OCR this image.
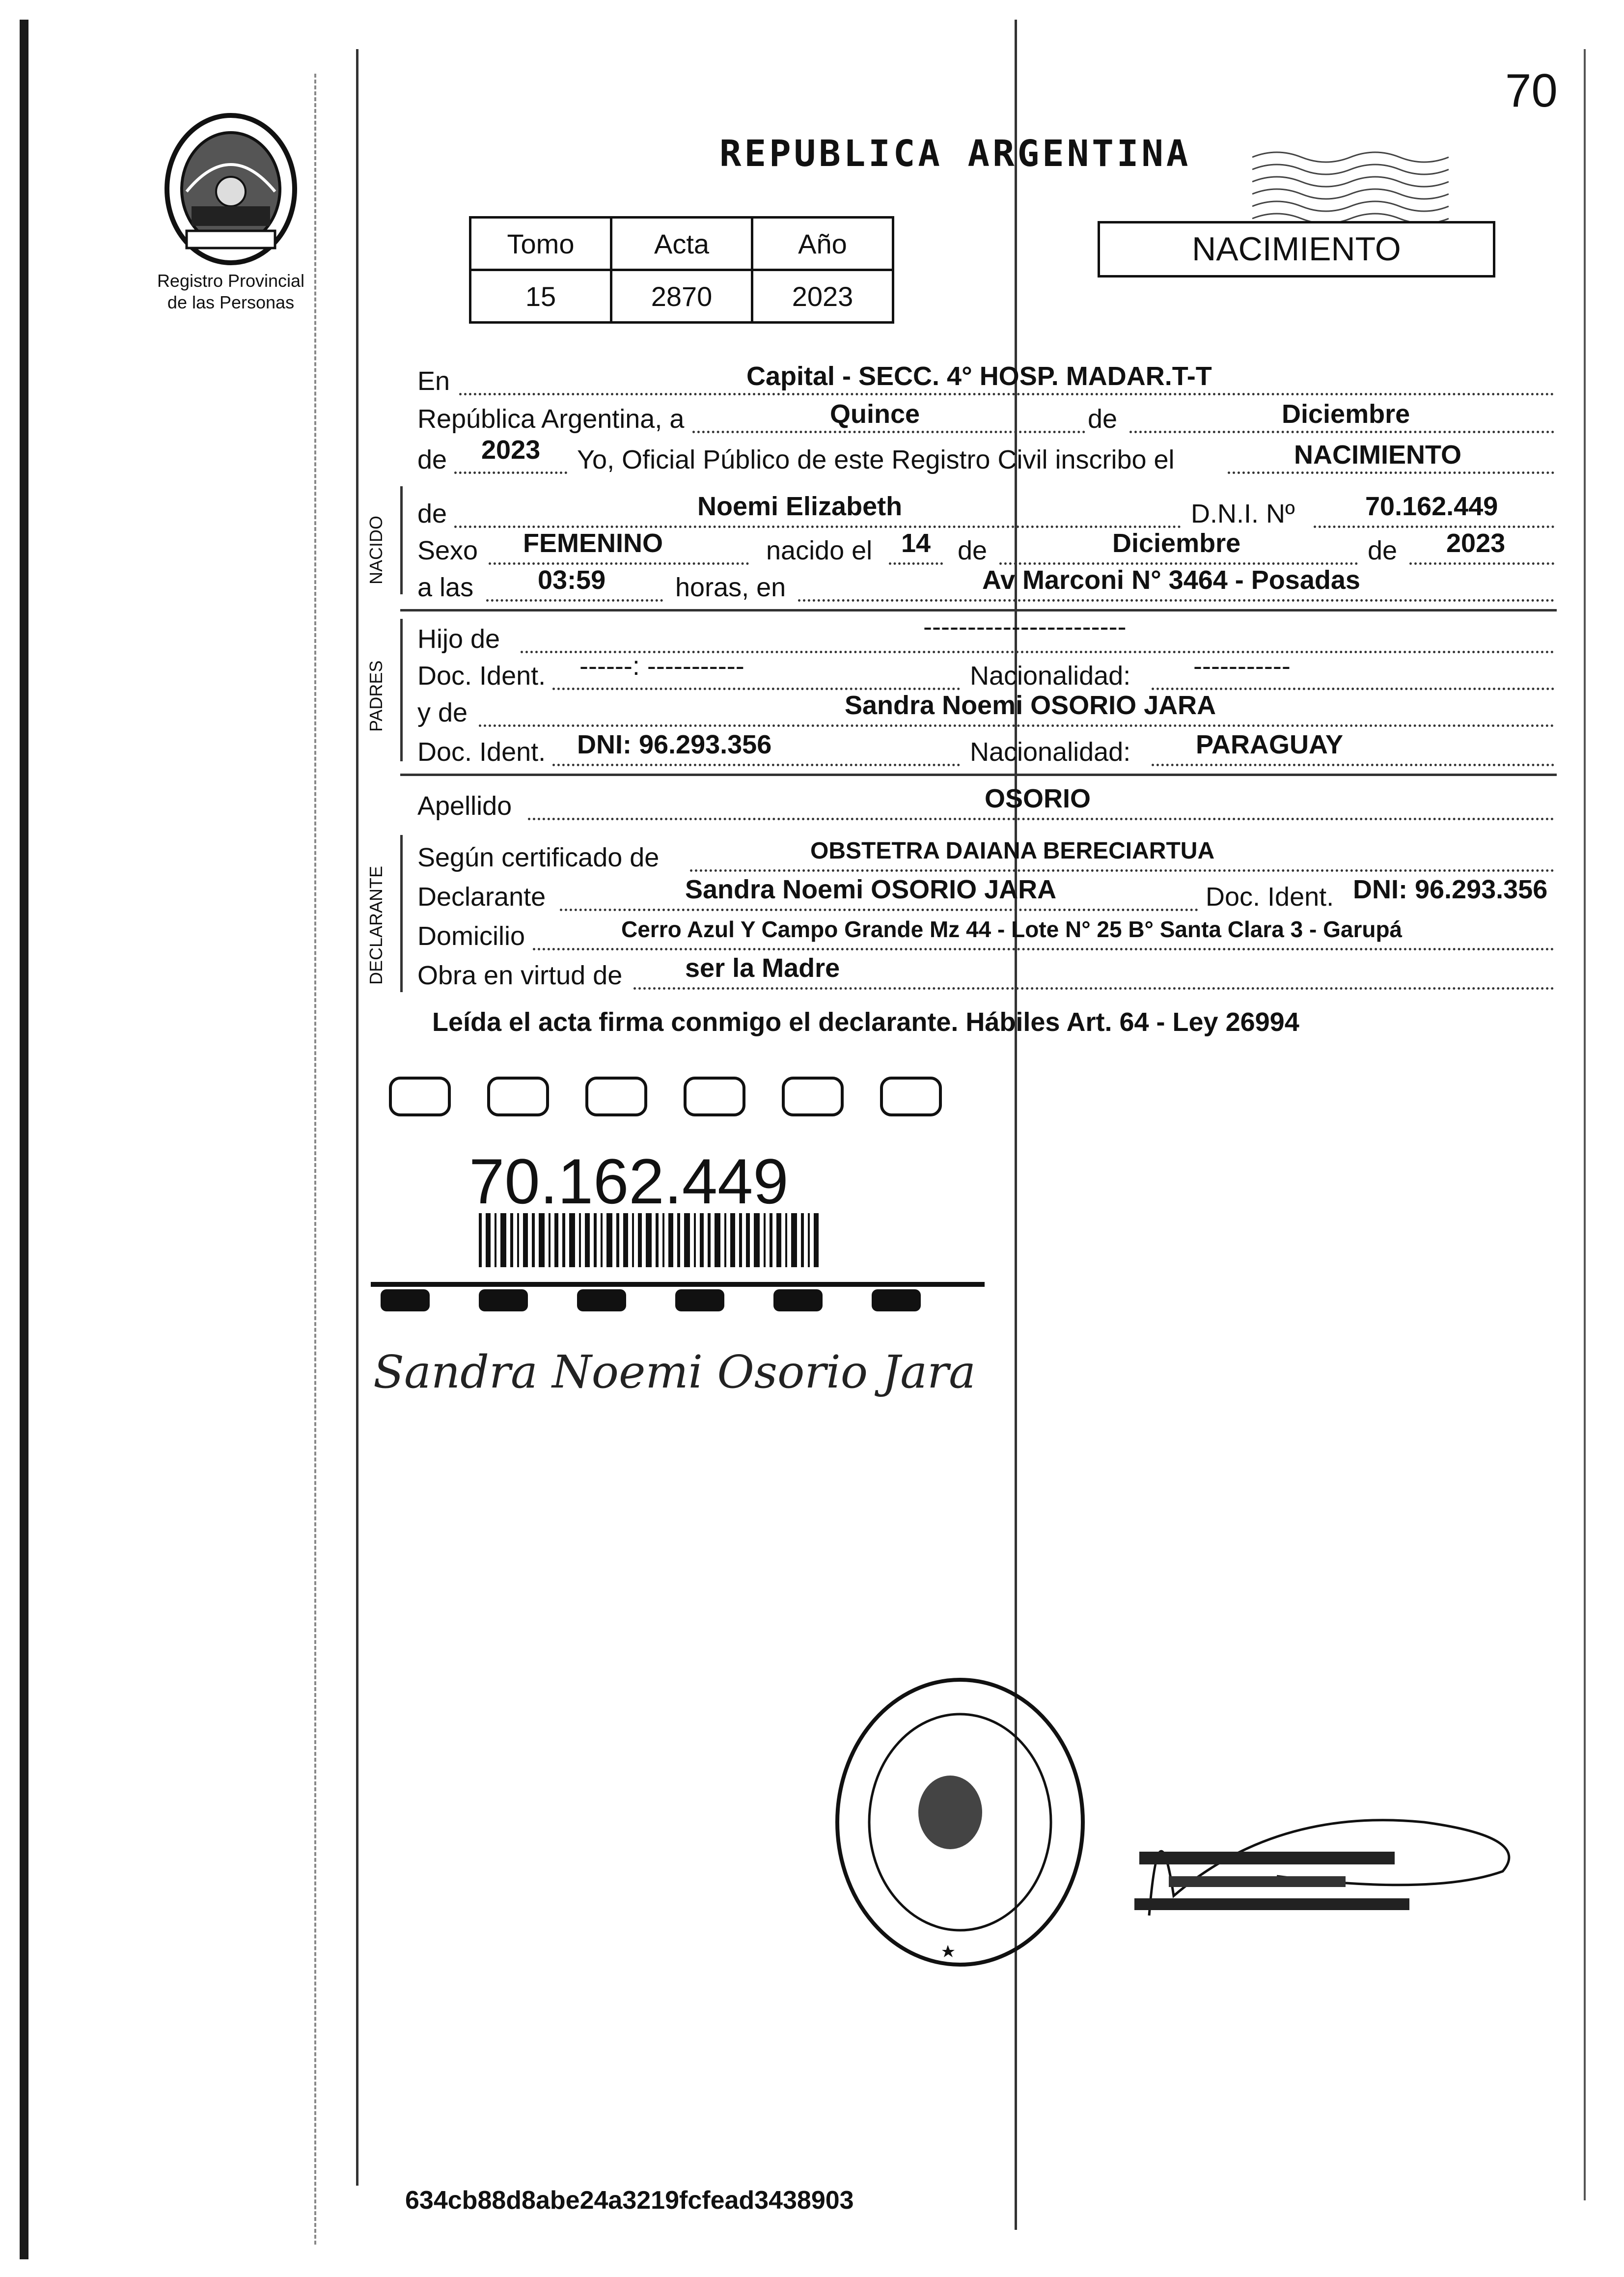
70
Registro Provincial
de las Personas
REPUBLICA ARGENTINA
Tomo	Acta	Año
15	2870	2023
NACIMIENTO
En	Capital - SECC. 4° HOSP. MADAR.T-T
República Argentina, a	Quince	de	Diciembre
de 2023 Yo, Oficial Público de este Registro Civil inscribo el	NACIMIENTO
NACIDO
de	Noemi Elizabeth	D.N.I. Nº	70.162.449
Sexo FEMENINO	nacido el 14 de	Diciembre	de 2023
a las 03:59	horas, en	Av Marconi N° 3464 - Posadas
PADRES
Hijo de	-----------------------
Doc. Ident. ------: -----------	Nacionalidad: -----------
y de	Sandra Noemi OSORIO JARA
Doc. Ident. DNI: 96.293.356	Nacionalidad: PARAGUAY
Apellido	OSORIO
DECLARANTE
Según certificado de	OBSTETRA DAIANA BERECIARTUA
Declarante	Sandra Noemi OSORIO JARA	Doc. Ident. DNI: 96.293.356
Domicilio	Cerro Azul Y Campo Grande Mz 44 - Lote N° 25 B° Santa Clara 3 - Garupá
Obra en virtud de ser la Madre
Leída el acta firma conmigo el declarante. Hábiles Art. 64 - Ley 26994
70.162.449
Sandra Noemi Osorio Jara
634cb88d8abe24a3219fcfead3438903
